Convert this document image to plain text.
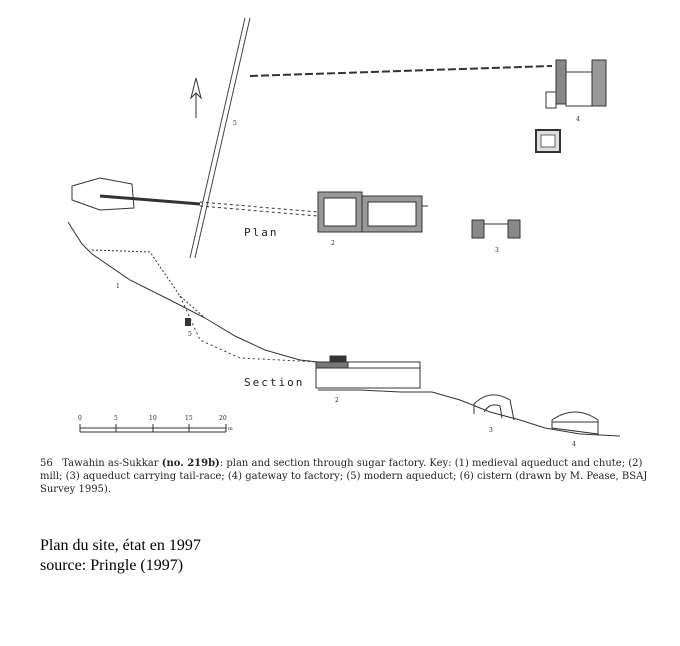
5
4
2
3
Plan
1
5
2
Section
3
4
0	5	10	15	20
m
56 Tawahin as-Sukkar (no. 219b): plan and section through sugar factory. Key: (1) medieval aqueduct and chute; (2) mill; (3) aqueduct carrying tail-race; (4) gateway to factory; (5) modern aqueduct; (6) cistern (drawn by M. Pease, BSAJ Survey 1995).
Plan du site, état en 1997
source: Pringle (1997)
